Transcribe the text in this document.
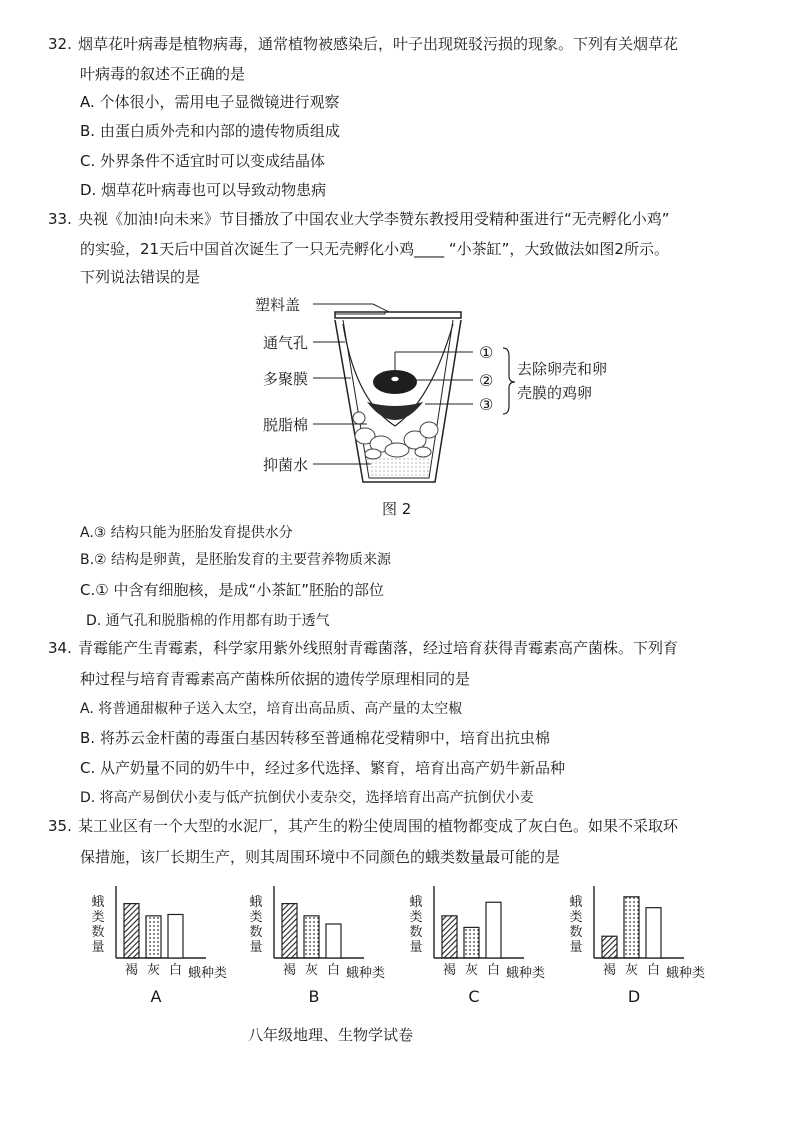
32. 烟草花叶病毒是植物病毒，通常植物被感染后，叶子出现斑驳污损的现象。下列有关烟草花
叶病毒的叙述不正确的是
A. 个体很小，需用电子显微镜进行观察
B. 由蛋白质外壳和内部的遗传物质组成
C. 外界条件不适宜时可以变成结晶体
D. 烟草花叶病毒也可以导致动物患病
33. 央视《加油!向未来》节目播放了中国农业大学李赞东教授用受精种蛋进行“无壳孵化小鸡”
的实验，21天后中国首次诞生了一只无壳孵化小鸡____ “小茶缸”，大致做法如图2所示。
下列说法错误的是
①
②
③
塑料盖
通气孔
多聚膜
脱脂棉
抑菌水
去除卵壳和卵
壳膜的鸡卵
图 2
A.③ 结构只能为胚胎发育提供水分
B.② 结构是卵黄，是胚胎发育的主要营养物质来源
C.① 中含有细胞核，是成“小茶缸”胚胎的部位
D. 通气孔和脱脂棉的作用都有助于透气
34. 青霉能产生青霉素，科学家用紫外线照射青霉菌落，经过培育获得青霉素高产菌株。下列育
种过程与培育青霉素高产菌株所依据的遗传学原理相同的是
A. 将普通甜椒种子送入太空，培育出高品质、高产量的太空椒
B. 将苏云金杆菌的毒蛋白基因转移至普通棉花受精卵中，培育出抗虫棉
C. 从产奶量不同的奶牛中，经过多代选择、繁育，培育出高产奶牛新品种
D. 将高产易倒伏小麦与低产抗倒伏小麦杂交，选择培育出高产抗倒伏小麦
35. 某工业区有一个大型的水泥厂，其产生的粉尘使周围的植物都变成了灰白色。如果不采取环
保措施，该厂长期生产，则其周围环境中不同颜色的蛾类数量最可能的是
蛾类数量
褐 灰 白 蛾种类
A
蛾类数量
褐 灰 白 蛾种类
B
蛾类数量
褐 灰 白 蛾种类
C
蛾类数量
褐 灰 白 蛾种类
D
八年级地理、生物学试卷
